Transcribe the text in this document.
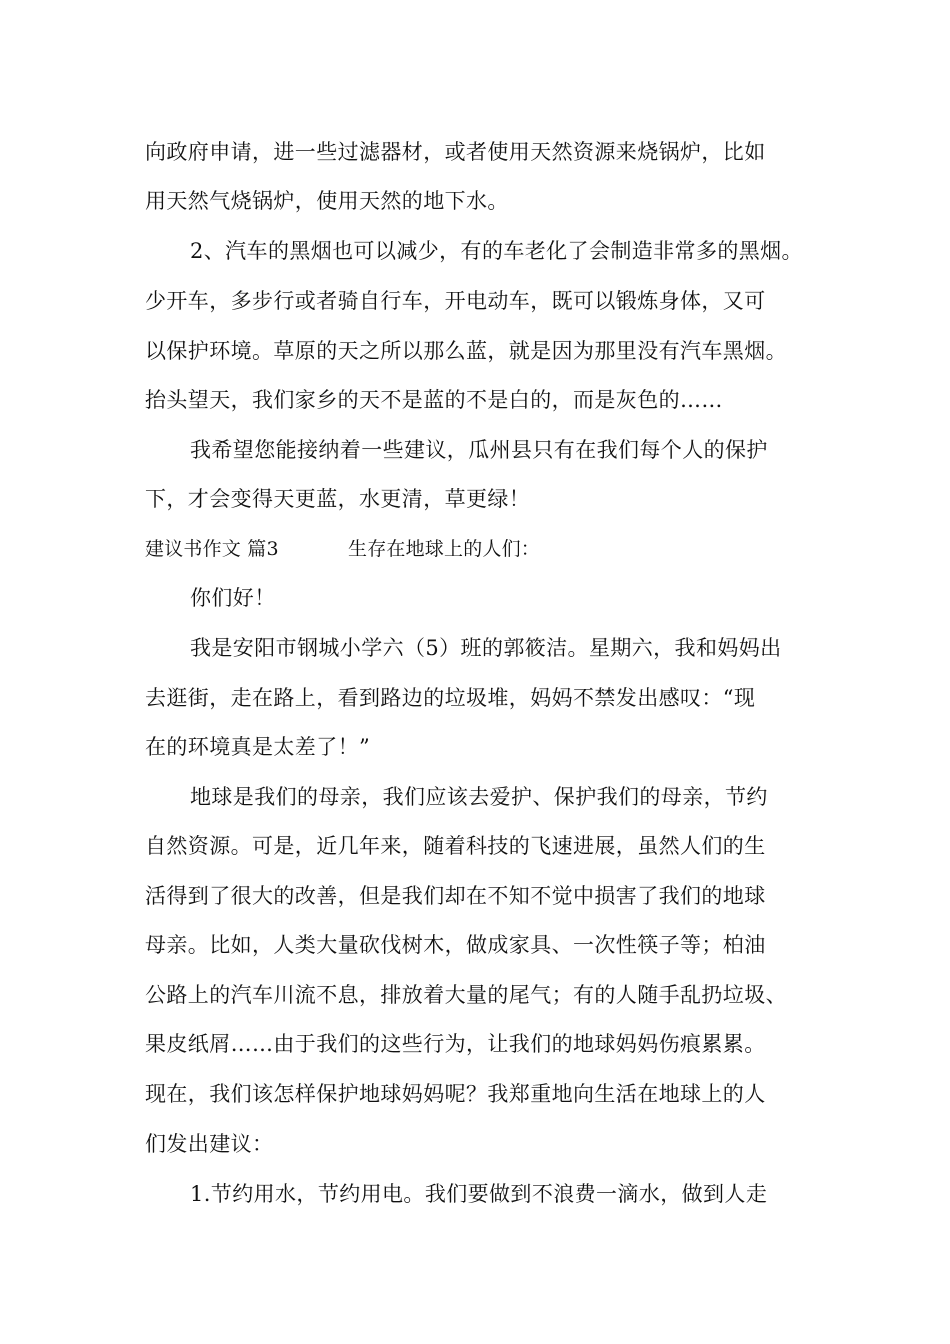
向政府申请，进一些过滤器材，或者使用天然资源来烧锅炉，比如
用天然气烧锅炉，使用天然的地下水。
2、汽车的黑烟也可以减少，有的车老化了会制造非常多的黑烟。
少开车，多步行或者骑自行车，开电动车，既可以锻炼身体，又可
以保护环境。草原的天之所以那么蓝，就是因为那里没有汽车黑烟。
抬头望天，我们家乡的天不是蓝的不是白的，而是灰色的……
我希望您能接纳着一些建议，瓜州县只有在我们每个人的保护
下，才会变得天更蓝，水更清，草更绿！
建议书作文 篇3	生存在地球上的人们：
你们好！
我是安阳市钢城小学六（5）班的郭筱洁。星期六，我和妈妈出
去逛街，走在路上，看到路边的垃圾堆，妈妈不禁发出感叹：“现
在的环境真是太差了！”
地球是我们的母亲，我们应该去爱护、保护我们的母亲，节约
自然资源。可是，近几年来，随着科技的飞速进展，虽然人们的生
活得到了很大的改善，但是我们却在不知不觉中损害了我们的地球
母亲。比如，人类大量砍伐树木，做成家具、一次性筷子等；柏油
公路上的汽车川流不息，排放着大量的尾气；有的人随手乱扔垃圾、
果皮纸屑……由于我们的这些行为，让我们的地球妈妈伤痕累累。
现在，我们该怎样保护地球妈妈呢？我郑重地向生活在地球上的人
们发出建议：
1.节约用水，节约用电。我们要做到不浪费一滴水，做到人走
